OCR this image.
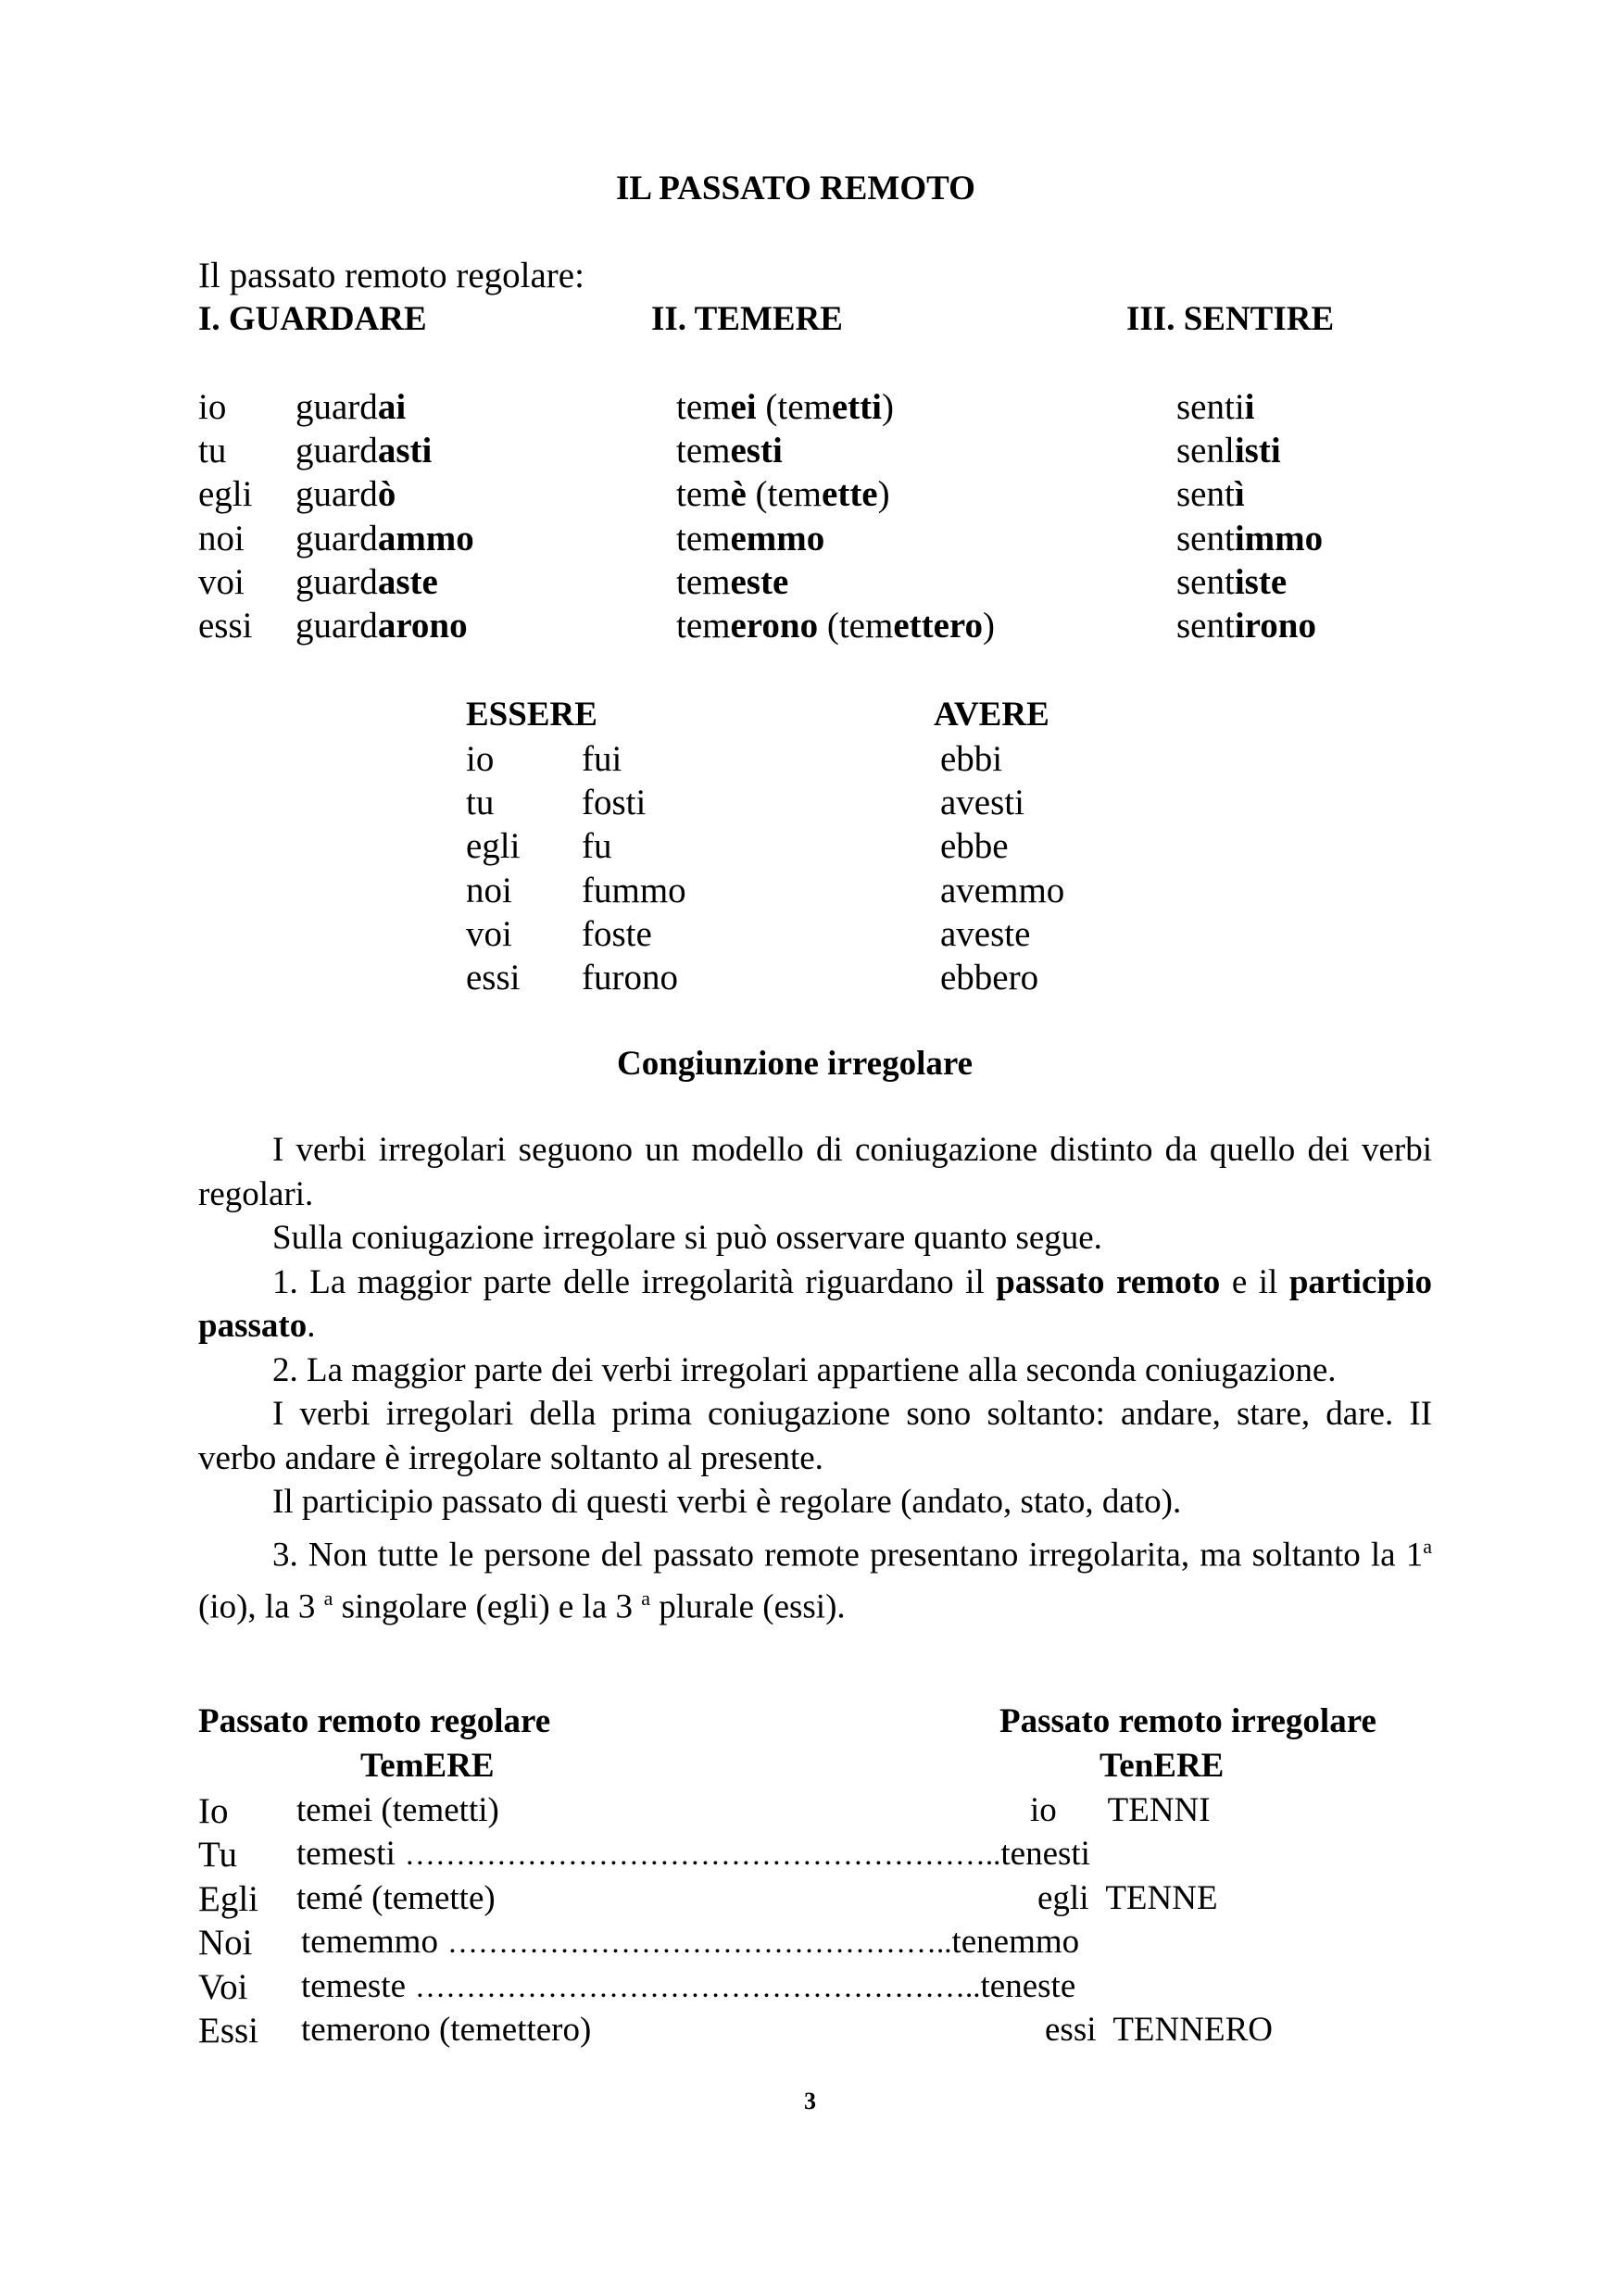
IL PASSATO REMOTO
Il passato remoto regolare:
I. GUARDARE	II. TEMERE	III. SENTIRE
io guardai	temei (temetti)	sentii
tu guardasti	temesti	senlisti
egli guardò	temè (temette)	sentì
noi guardammo	tememmo	sentimmo
voi guardaste	temeste	sentiste
essi guardarono	temerono (temettero)	sentirono
ESSERE	AVERE
io fui	ebbi
tu fosti	avesti
egli fu	ebbe
noi fummo	avemmo
voi foste	aveste
essi furono	ebbero
Congiunzione irregolare

I verbi irregolari seguono un modello di coniugazione distinto da quello dei verbi regolari.

Sulla coniugazione irregolare si può osservare quanto segue.

1. La maggior parte delle irregolarità riguardano il passato remoto e il participio passato.

2. La maggior parte dei verbi irregolari appartiene alla seconda coniugazione.

I verbi irregolari della prima coniugazione sono soltanto: andare, stare, dare. II verbo andare è irregolare soltanto al presente.

Il participio passato di questi verbi è regolare (andato, stato, dato).

3. Non tutte le persone del passato remote presentano irregolarita, ma soltanto la 1$^a$ (io), la 3 $^a$ singolare (egli) e la 3 $^a$ plurale (essi).

Passato remoto regolare	Passato remoto irregolare
TemERE	TenERE
Io temei (temetti)	io      TENNI
Tu temesti …………………………………………………..tenesti
Egli temé (temette)	egli  TENNE
Noi tememmo …………………………………………..tenemmo
Voi temeste ………………………………………………..teneste
Essi temerono (temettero)	essi  TENNERO
3
